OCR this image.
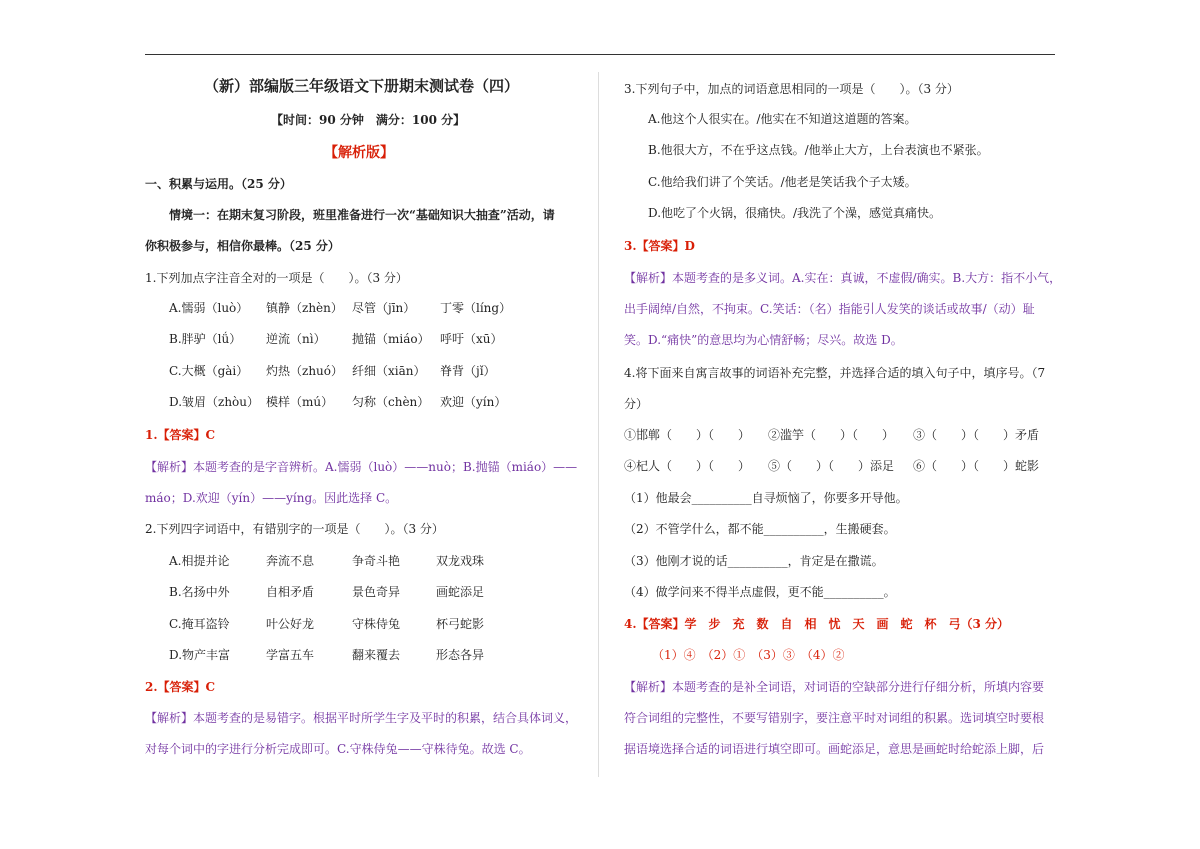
（新）部编版三年级语文下册期末测试卷（四）
【时间：90 分钟　满分：100 分】
【解析版】
一、积累与运用。（25 分）
情境一：在期末复习阶段，班里准备进行一次“基础知识大抽查”活动，请
你积极参与，相信你最棒。（25 分）
1.下列加点字注音全对的一项是（　　）。（3 分）
A.懦弱（luò） 镇静（zhèn） 尽管（jīn） 丁零（líng）
B.胖驴（lǘ） 逆流（nì） 抛锚（miáo） 呼吁（xū）
C.大概（gài） 灼热（zhuó） 纤细（xiān） 脊背（jǐ）
D.皱眉（zhòu） 模样（mú） 匀称（chèn） 欢迎（yín）
1.【答案】C
【解析】本题考查的是字音辨析。A.懦弱（luò）——nuò；B.抛锚（miáo）——
máo；D.欢迎（yín）——yíng。因此选择 C。
2.下列四字词语中，有错别字的一项是（　　）。（3 分）
A.相提并论	奔流不息	争奇斗艳	双龙戏珠
B.名扬中外	自相矛盾	景色奇异	画蛇添足
C.掩耳盗铃	叶公好龙	守株侍兔	杯弓蛇影
D.物产丰富	学富五车	翻来覆去	形态各异
2.【答案】C
【解析】本题考查的是易错字。根据平时所学生字及平时的积累，结合具体词义，
对每个词中的字进行分析完成即可。C.守株侍兔——守株待兔。故选 C。
3.下列句子中，加点的词语意思相同的一项是（　　）。（3 分）
A.他这个人很实在。/他实在不知道这道题的答案。
B.他很大方，不在乎这点钱。/他举止大方，上台表演也不紧张。
C.他给我们讲了个笑话。/他老是笑话我个子太矮。
D.他吃了个火锅，很痛快。/我洗了个澡，感觉真痛快。
3.【答案】D
【解析】本题考查的是多义词。A.实在：真诚，不虚假/确实。B.大方：指不小气，
出手阔绰/自然，不拘束。C.笑话：（名）指能引人发笑的谈话或故事/（动）耻
笑。D.“痛快”的意思均为心情舒畅；尽兴。故选 D。
4.将下面来自寓言故事的词语补充完整，并选择合适的填入句子中，填序号。（7
分）
①邯郸（　　）（　　） ②滥竽（　　）（　　） ③（　　）（　　）矛盾
④杞人（　　）（　　） ⑤（　　）（　　）添足 ⑥（　　）（　　）蛇影
（1）他最会__________自寻烦恼了，你要多开导他。
（2）不管学什么，都不能__________，生搬硬套。
（3）他刚才说的话__________，肯定是在撒谎。
（4）做学问来不得半点虚假，更不能__________。
4.【答案】学　步　充　数　自　相　忧　天　画　蛇　杯　弓（3 分）
（1）④　（2）①　（3）③　（4）②
【解析】本题考查的是补全词语，对词语的空缺部分进行仔细分析，所填内容要
符合词组的完整性，不要写错别字，要注意平时对词组的积累。选词填空时要根
据语境选择合适的词语进行填空即可。画蛇添足，意思是画蛇时给蛇添上脚，后
